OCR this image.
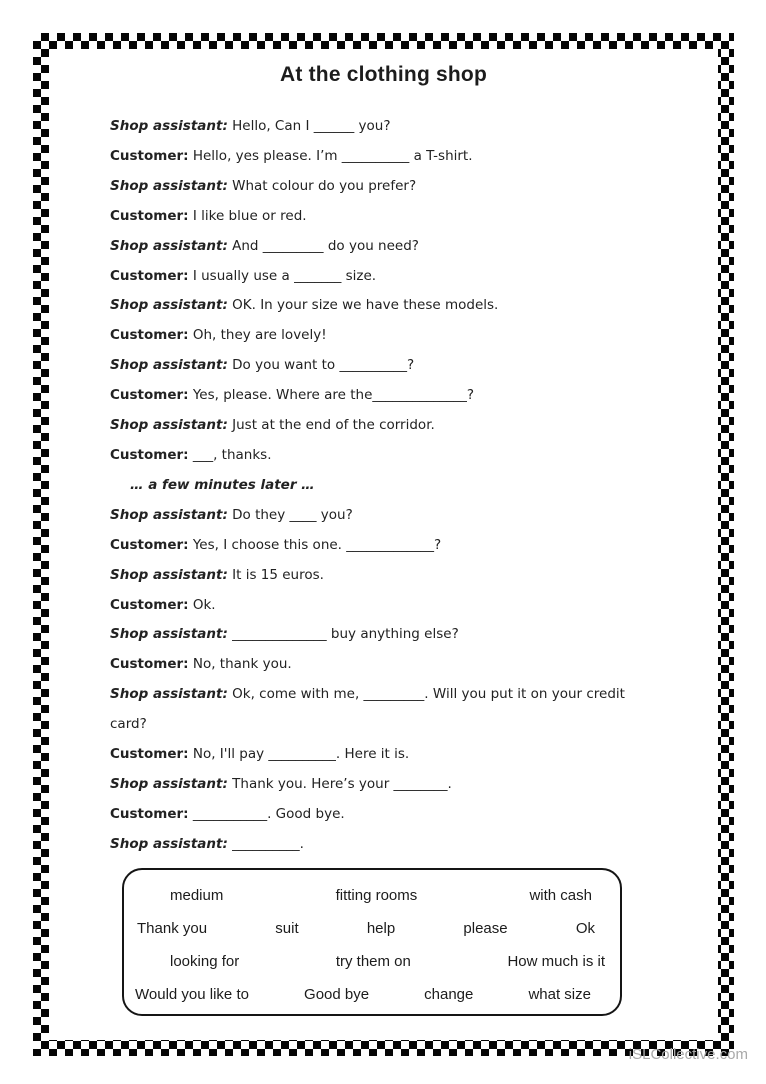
At the clothing shop

Shop assistant: Hello, Can I ______ you?

Customer: Hello, yes please. I’m __________ a T-shirt.

Shop assistant: What colour do you prefer?

Customer: I like blue or red.

Shop assistant: And _________ do you need?

Customer: I usually use a _______ size.

Shop assistant: OK. In your size we have these models.

Customer: Oh, they are lovely!

Shop assistant: Do you want to __________?

Customer: Yes, please. Where are the______________?

Shop assistant: Just at the end of the corridor.

Customer: ___, thanks.

… a few minutes later …

Shop assistant: Do they ____ you?

Customer: Yes, I choose this one. _____________?

Shop assistant: It is 15 euros.

Customer: Ok.

Shop assistant: ______________ buy anything else?

Customer: No, thank you.

Shop assistant: Ok, come with me, _________. Will you put it on your credit

card?

Customer: No, I'll pay __________. Here it is.

Shop assistant: Thank you. Here’s your ________.

Customer: ___________. Good bye.

Shop assistant: __________.

medium	fitting rooms	with cash
Thank you	suit	help	please	Ok
looking for	try them on	How much is it
Would you like to	Good bye	change	what size
iSLCollective.com
